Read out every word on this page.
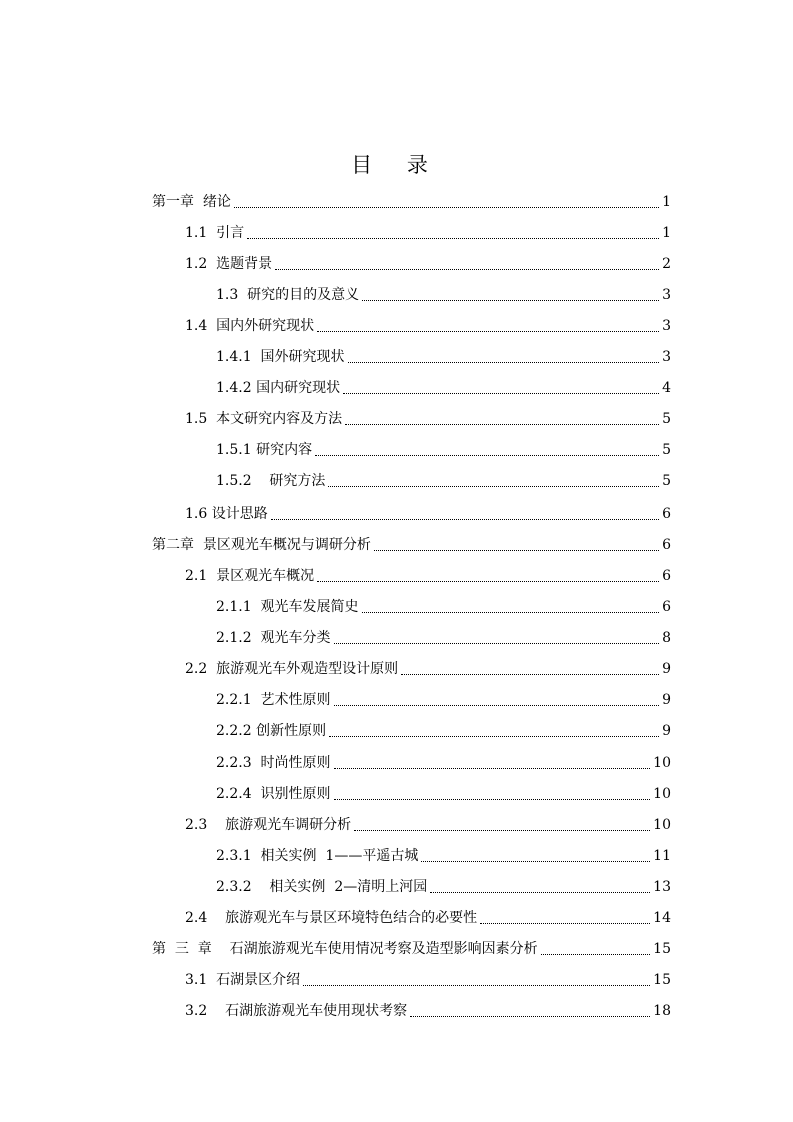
目 录
第一章  绪论	1
1.1  引言	1
1.2  选题背景	2
1.3  研究的目的及意义	3
1.4  国内外研究现状	3
1.4.1  国外研究现状	3
1.4.2 国内研究现状	4
1.5  本文研究内容及方法	5
1.5.1 研究内容	5
1.5.2    研究方法	5
1.6 设计思路	6
第二章  景区观光车概况与调研分析	6
2.1  景区观光车概况	6
2.1.1  观光车发展简史	6
2.1.2  观光车分类	8
2.2  旅游观光车外观造型设计原则	9
2.2.1  艺术性原则	9
2.2.2 创新性原则	9
2.2.3  时尚性原则	10
2.2.4  识别性原则	10
2.3    旅游观光车调研分析	10
2.3.1  相关实例  1——平遥古城	11
2.3.2    相关实例  2—清明上河园	13
2.4    旅游观光车与景区环境特色结合的必要性	14
第  三  章    石湖旅游观光车使用情况考察及造型影响因素分析	15
3.1  石湖景区介绍	15
3.2    石湖旅游观光车使用现状考察	18
